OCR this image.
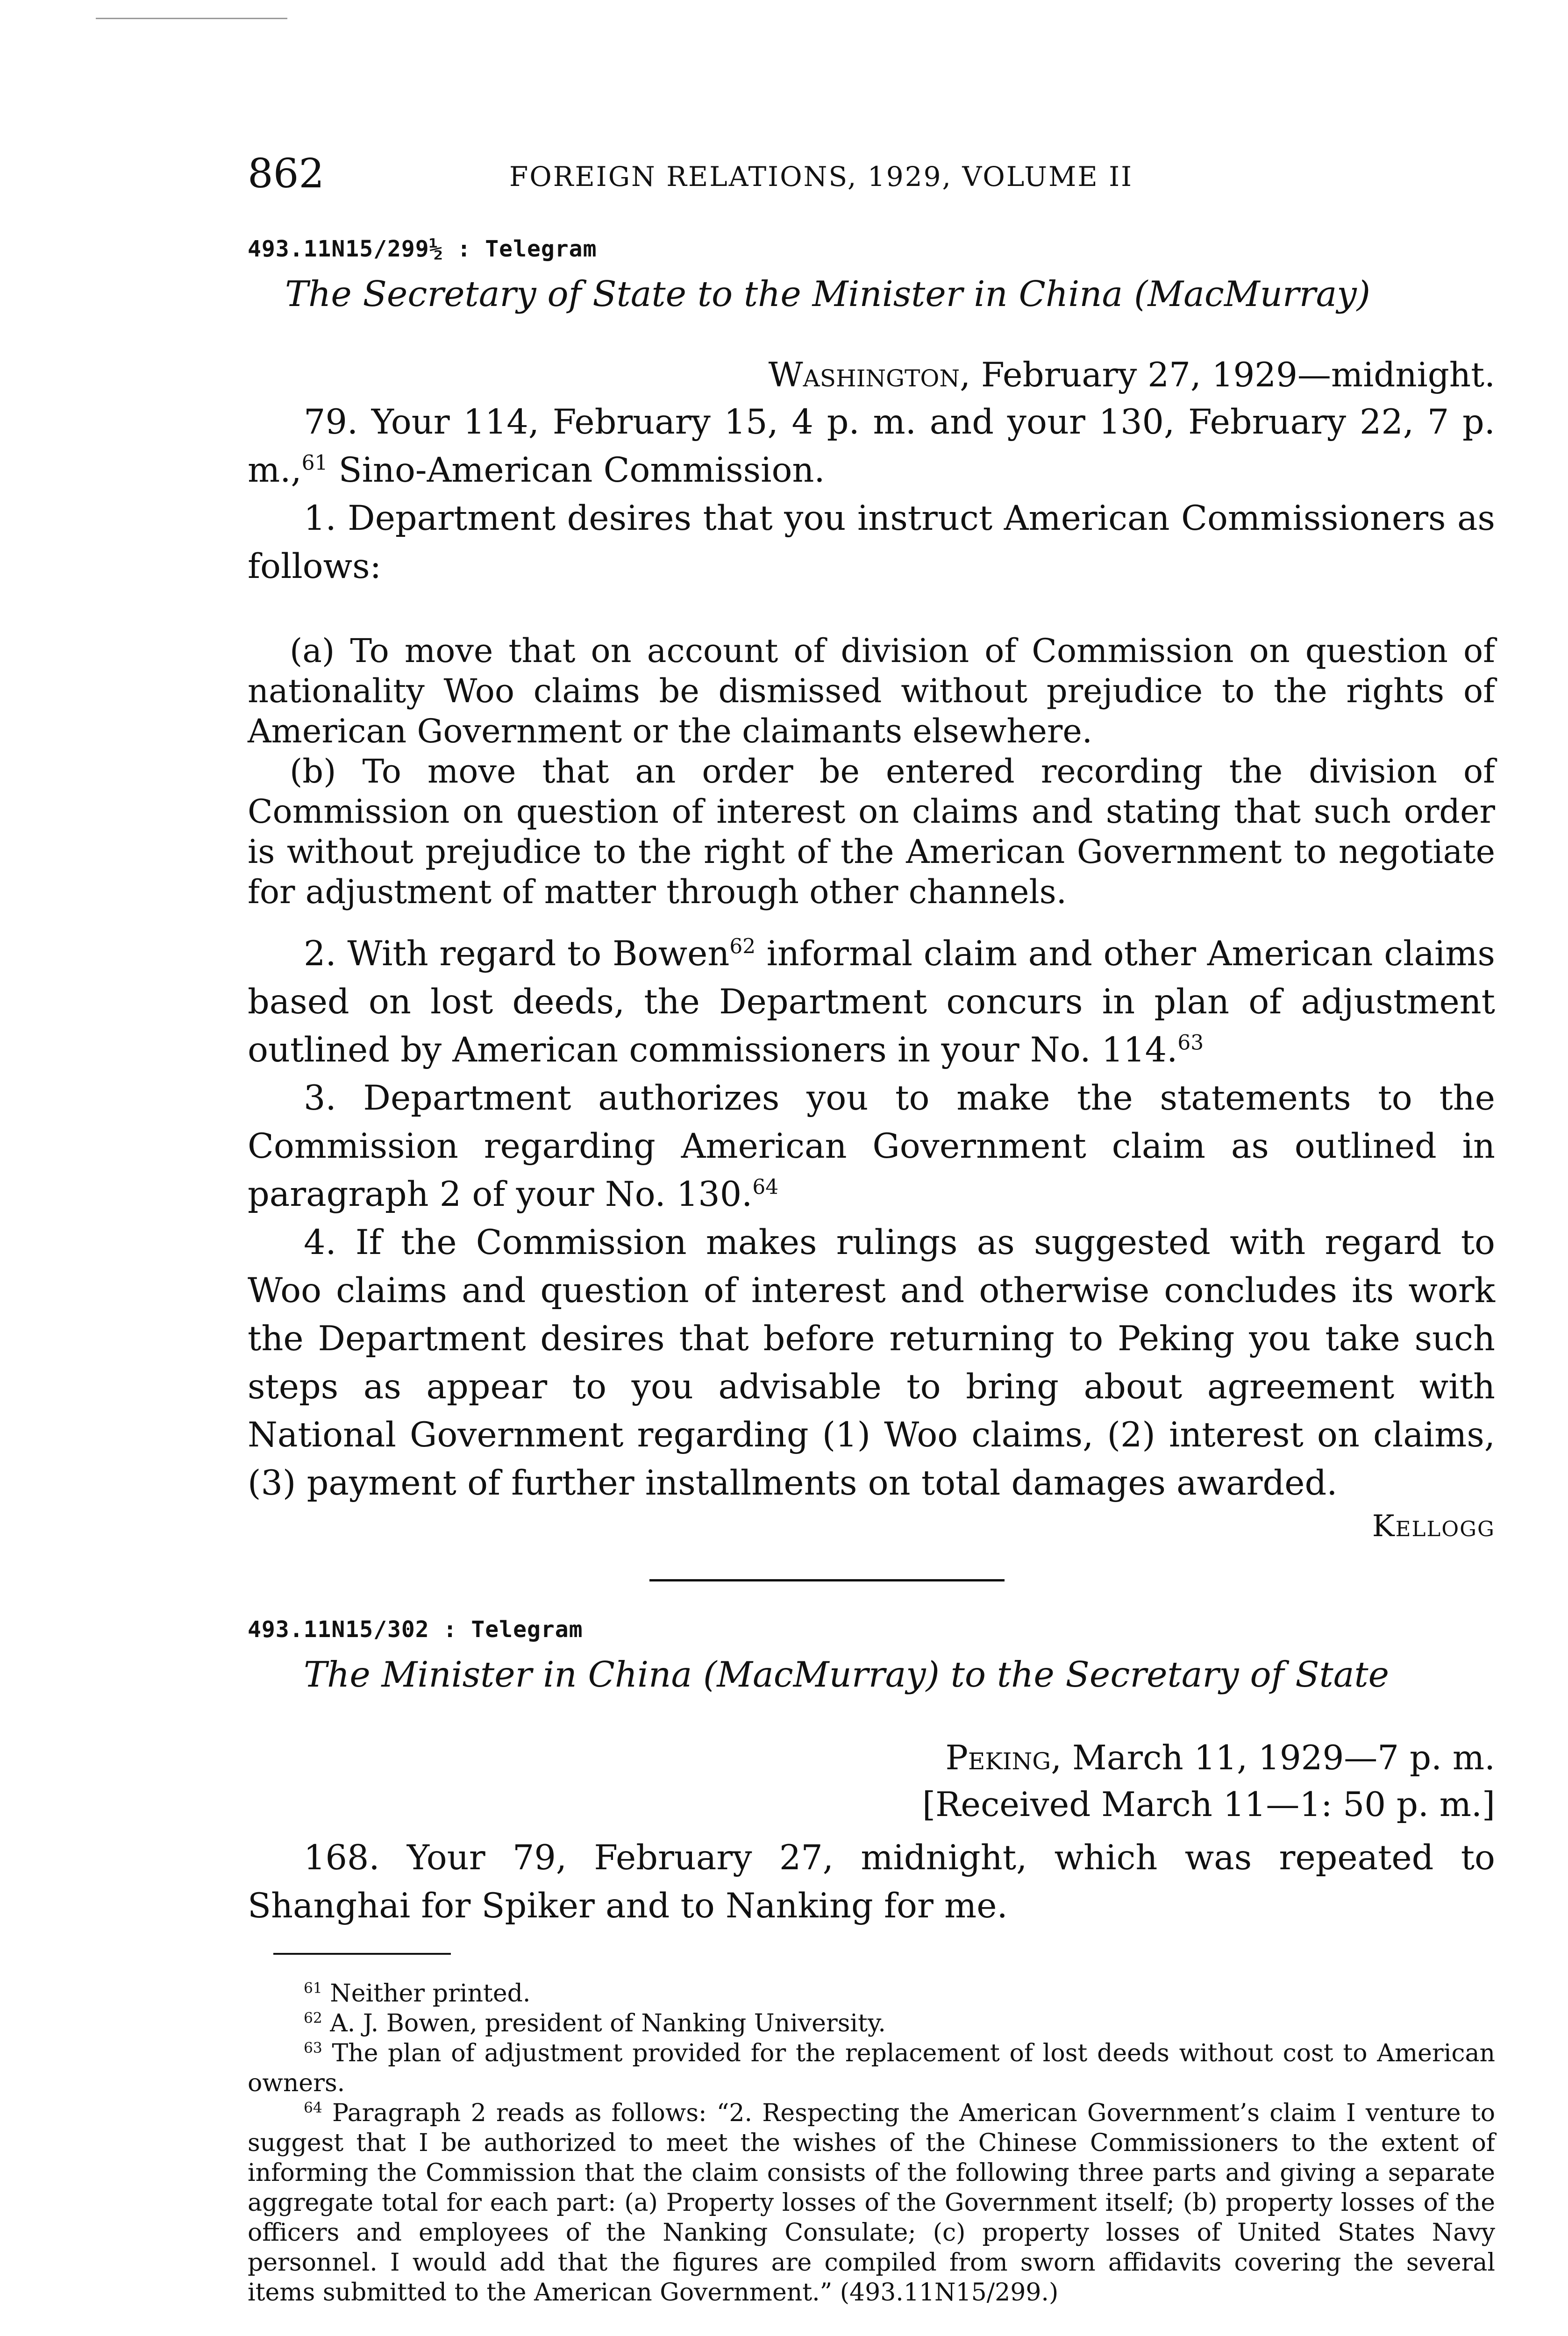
862	FOREIGN RELATIONS, 1929, VOLUME II
493.11N15/299½ : Telegram
The Secretary of State to the Minister in China (MacMurray)
Washington, February 27, 1929—midnight.

79. Your 114, February 15, 4 p. m. and your 130, February 22, 7 p. m.,$^{61}$ Sino-American Commission.

1. Department desires that you instruct American Commissioners as follows:

(a) To move that on account of division of Commission on question of nationality Woo claims be dismissed without prejudice to the rights of American Government or the claimants elsewhere.

(b) To move that an order be entered recording the division of Commission on question of interest on claims and stating that such order is without prejudice to the right of the American Government to negotiate for adjustment of matter through other channels.

2. With regard to Bowen$^{62}$ informal claim and other American claims based on lost deeds, the Department concurs in plan of adjustment outlined by American commissioners in your No. 114.63

3. Department authorizes you to make the statements to the Commission regarding American Government claim as outlined in paragraph 2 of your No. 130.64

4. If the Commission makes rulings as suggested with regard to Woo claims and question of interest and otherwise concludes its work the Department desires that before returning to Peking you take such steps as appear to you advisable to bring about agreement with National Government regarding (1) Woo claims, (2) interest on claims, (3) payment of further installments on total damages awarded.

Kellogg
493.11N15/302 : Telegram
The Minister in China (MacMurray) to the Secretary of State
Peking, March 11, 1929—7 p. m.
[Received March 11—1: 50 p. m.]

168. Your 79, February 27, midnight, which was repeated to Shanghai for Spiker and to Nanking for me.

$^{61}$ Neither printed.

$^{62}$ A. J. Bowen, president of Nanking University.

$^{63}$ The plan of adjustment provided for the replacement of lost deeds without cost to American owners.

$^{64}$ Paragraph 2 reads as follows: “2. Respecting the American Government’s claim I venture to suggest that I be authorized to meet the wishes of the Chinese Commissioners to the extent of informing the Commission that the claim consists of the following three parts and giving a separate aggregate total for each part: (a) Property losses of the Government itself; (b) property losses of the officers and employees of the Nanking Consulate; (c) property losses of United States Navy personnel. I would add that the figures are compiled from sworn affidavits covering the several items submitted to the American Government.” (493.11N15/299.)
